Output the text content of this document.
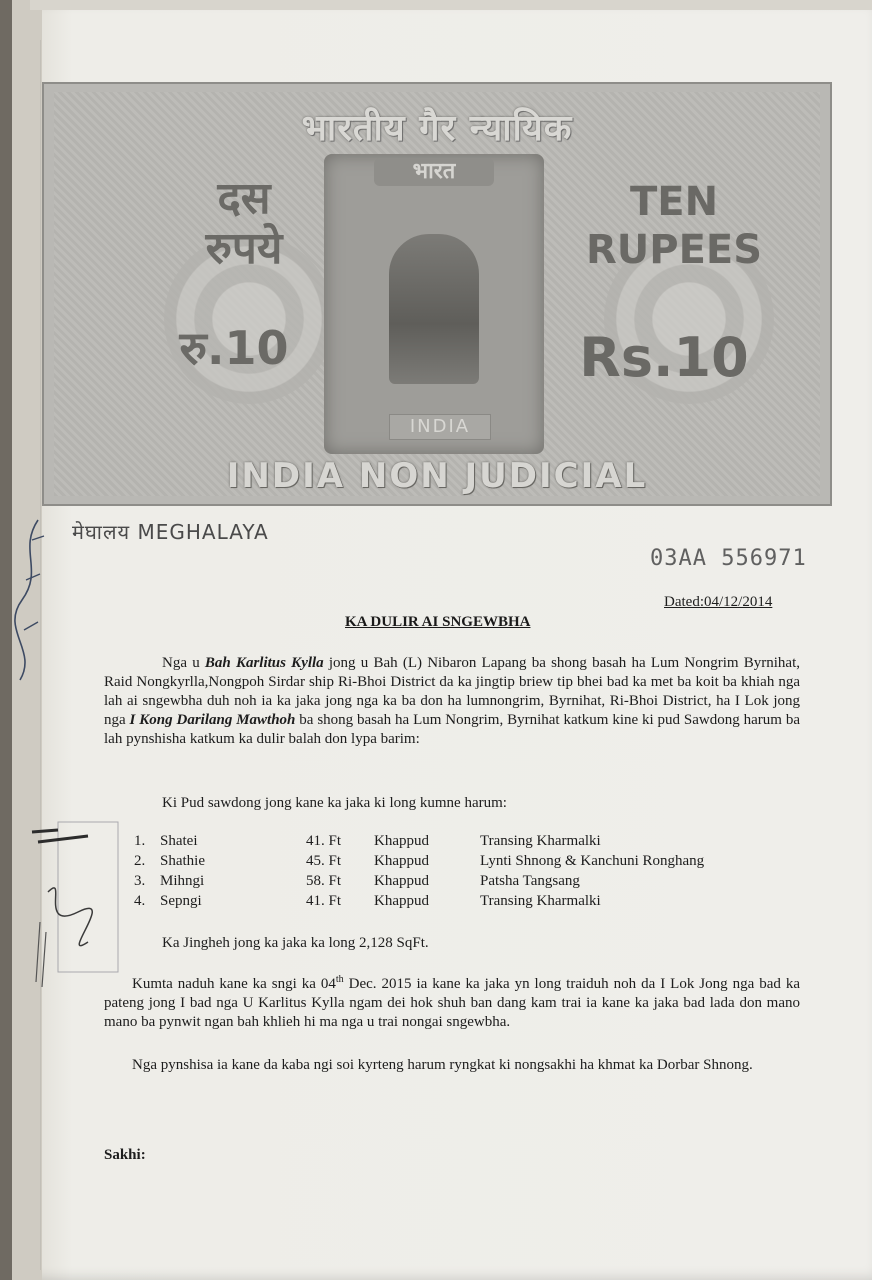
भारतीय गैर न्यायिक
भारत
INDIA
दस
रुपये
रु.10
TEN
RUPEES
Rs.10
INDIA NON JUDICIAL
मेघालय MEGHALAYA
03AA 556971
Dated:04/12/2014
KA DULIR AI SNGEWBHA
Nga u Bah Karlitus Kylla jong u Bah (L) Nibaron Lapang ba shong basah ha Lum Nongrim Byrnihat, Raid Nongkyrlla,Nongpoh Sirdar ship Ri-Bhoi District da ka jingtip briew tip bhei bad ka met ba koit ba khiah nga lah ai sngewbha duh noh ia ka jaka jong nga ka ba don ha lumnongrim, Byrnihat, Ri-Bhoi District, ha I Lok jong nga I Kong Darilang Mawthoh ba shong basah ha Lum Nongrim, Byrnihat katkum kine ki pud Sawdong harum ba lah pynshisha katkum ka dulir balah don lypa barim:
Ki Pud sawdong jong kane ka jaka ki long kumne harum:
1. Shatei	41. Ft Khappud	Transing Kharmalki
2. Shathie	45. Ft Khappud	Lynti Shnong & Kanchuni Ronghang
3. Mihngi	58. Ft Khappud	Patsha Tangsang
4. Sepngi	41. Ft Khappud	Transing Kharmalki
Ka Jingheh jong ka jaka ka long 2,128 SqFt.
Kumta naduh kane ka sngi ka 04th Dec. 2015 ia kane ka jaka yn long traiduh noh da I Lok Jong nga bad ka pateng jong I bad nga U Karlitus Kylla ngam dei hok shuh ban dang kam trai ia kane ka jaka bad lada don mano mano ba pynwit ngan bah khlieh hi ma nga u trai nongai sngewbha.
Nga pynshisa ia kane da kaba ngi soi kyrteng harum ryngkat ki nongsakhi ha khmat ka Dorbar Shnong.
Sakhi:
